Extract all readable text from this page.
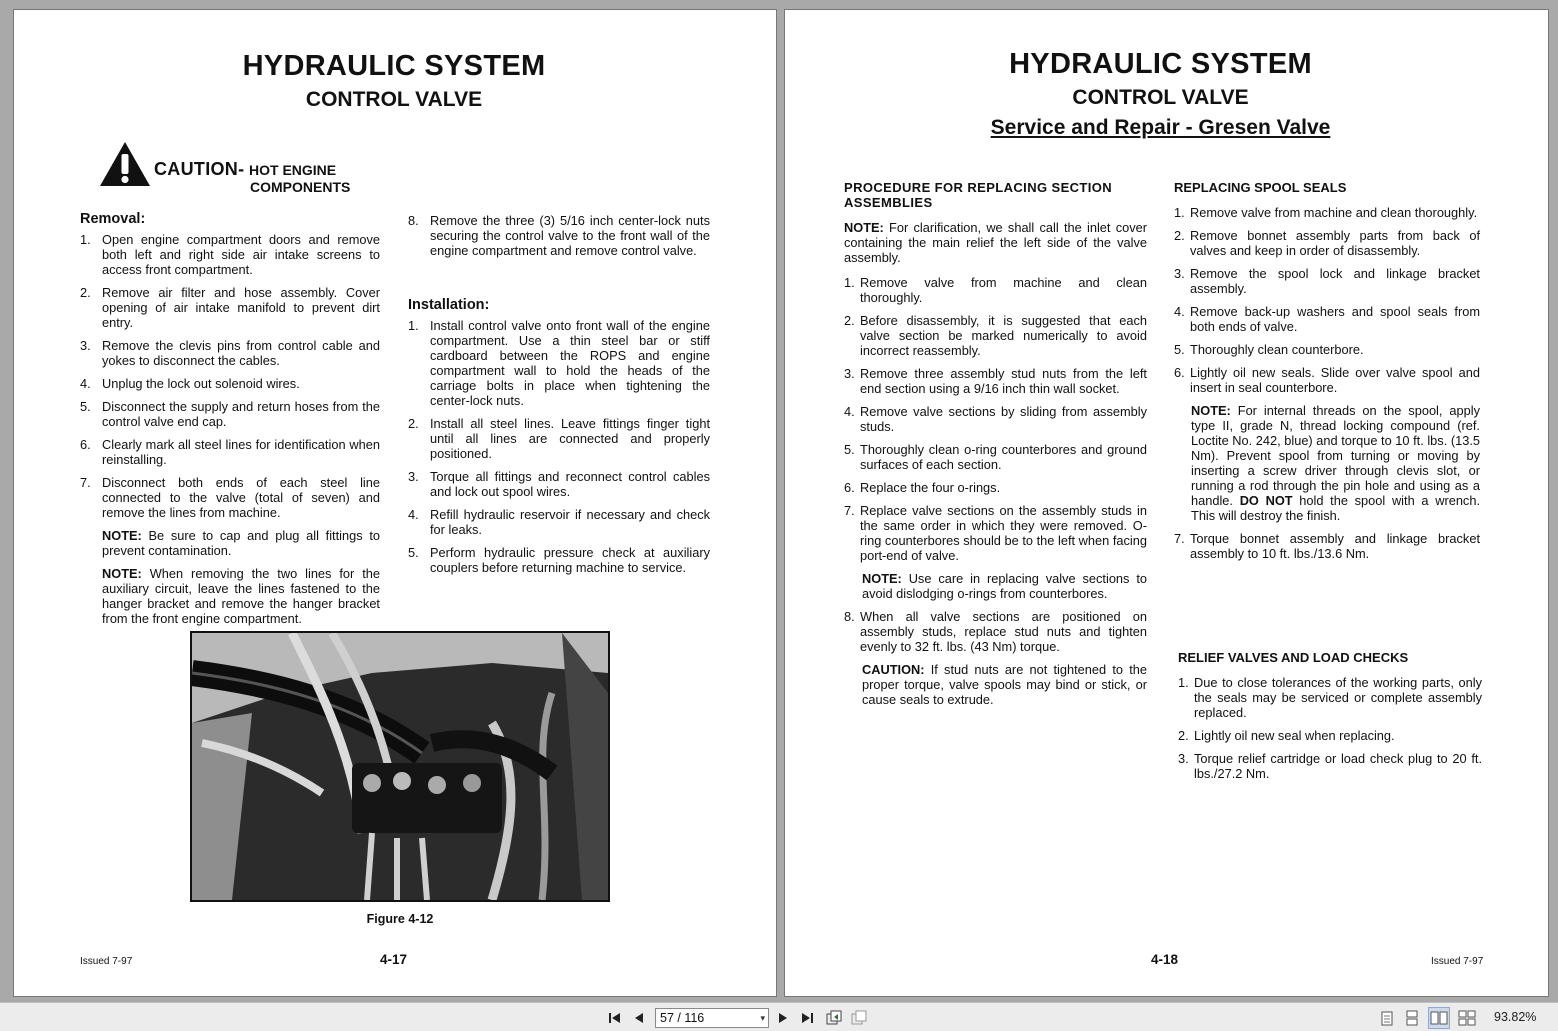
HYDRAULIC SYSTEM
CONTROL VALVE
CAUTION- HOT ENGINE
COMPONENTS
Removal:
1. Open engine compartment doors and remove both left and right side air intake screens to access front compartment.
2. Remove air filter and hose assembly. Cover opening of air intake manifold to prevent dirt entry.
3. Remove the clevis pins from control cable and yokes to disconnect the cables.
4. Unplug the lock out solenoid wires.
5. Disconnect the supply and return hoses from the control valve end cap.
6. Clearly mark all steel lines for identification when reinstalling.
7. Disconnect both ends of each steel line connected to the valve (total of seven) and remove the lines from machine.
NOTE: Be sure to cap and plug all fittings to prevent contamination.
NOTE: When removing the two lines for the auxiliary circuit, leave the lines fastened to the hanger bracket and remove the hanger bracket from the front engine compartment.
8. Remove the three (3) 5/16 inch center-lock nuts securing the control valve to the front wall of the engine compartment and remove control valve.
Installation:
1. Install control valve onto front wall of the engine compartment. Use a thin steel bar or stiff cardboard between the ROPS and engine compartment wall to hold the heads of the carriage bolts in place when tightening the center-lock nuts.
2. Install all steel lines. Leave fittings finger tight until all lines are connected and properly positioned.
3. Torque all fittings and reconnect control cables and lock out spool wires.
4. Refill hydraulic reservoir if necessary and check for leaks.
5. Perform hydraulic pressure check at auxiliary couplers before returning machine to service.
Figure 4-12
Issued 7-97	4-17
HYDRAULIC SYSTEM
CONTROL VALVE
Service and Repair - Gresen Valve
PROCEDURE FOR REPLACING SECTION ASSEMBLIES
NOTE: For clarification, we shall call the inlet cover containing the main relief the left side of the valve assembly.
1. Remove valve from machine and clean thoroughly.
2. Before disassembly, it is suggested that each valve section be marked numerically to avoid incorrect reassembly.
3. Remove three assembly stud nuts from the left end section using a 9/16 inch thin wall socket.
4. Remove valve sections by sliding from assembly studs.
5. Thoroughly clean o-ring counterbores and ground surfaces of each section.
6. Replace the four o-rings.
7. Replace valve sections on the assembly studs in the same order in which they were removed. O-ring counterbores should be to the left when facing port-end of valve.
NOTE: Use care in replacing valve sections to avoid dislodging o-rings from counterbores.
8. When all valve sections are positioned on assembly studs, replace stud nuts and tighten evenly to 32 ft. lbs. (43 Nm) torque.
CAUTION: If stud nuts are not tightened to the proper torque, valve spools may bind or stick, or cause seals to extrude.
REPLACING SPOOL SEALS
1. Remove valve from machine and clean thoroughly.
2. Remove bonnet assembly parts from back of valves and keep in order of disassembly.
3. Remove the spool lock and linkage bracket assembly.
4. Remove back-up washers and spool seals from both ends of valve.
5. Thoroughly clean counterbore.
6. Lightly oil new seals. Slide over valve spool and insert in seal counterbore.
NOTE: For internal threads on the spool, apply type II, grade N, thread locking compound (ref. Loctite No. 242, blue) and torque to 10 ft. lbs. (13.5 Nm). Prevent spool from turning or moving by inserting a screw driver through clevis slot, or running a rod through the pin hole and using as a handle. DO NOT hold the spool with a wrench. This will destroy the finish.
7. Torque bonnet assembly and linkage bracket assembly to 10 ft. lbs./13.6 Nm.
RELIEF VALVES AND LOAD CHECKS
1. Due to close tolerances of the working parts, only the seals may be serviced or complete assembly replaced.
2. Lightly oil new seal when replacing.
3. Torque relief cartridge or load check plug to 20 ft. lbs./27.2 Nm.
4-18	Issued 7-97
57 / 116	▾	93.82%
